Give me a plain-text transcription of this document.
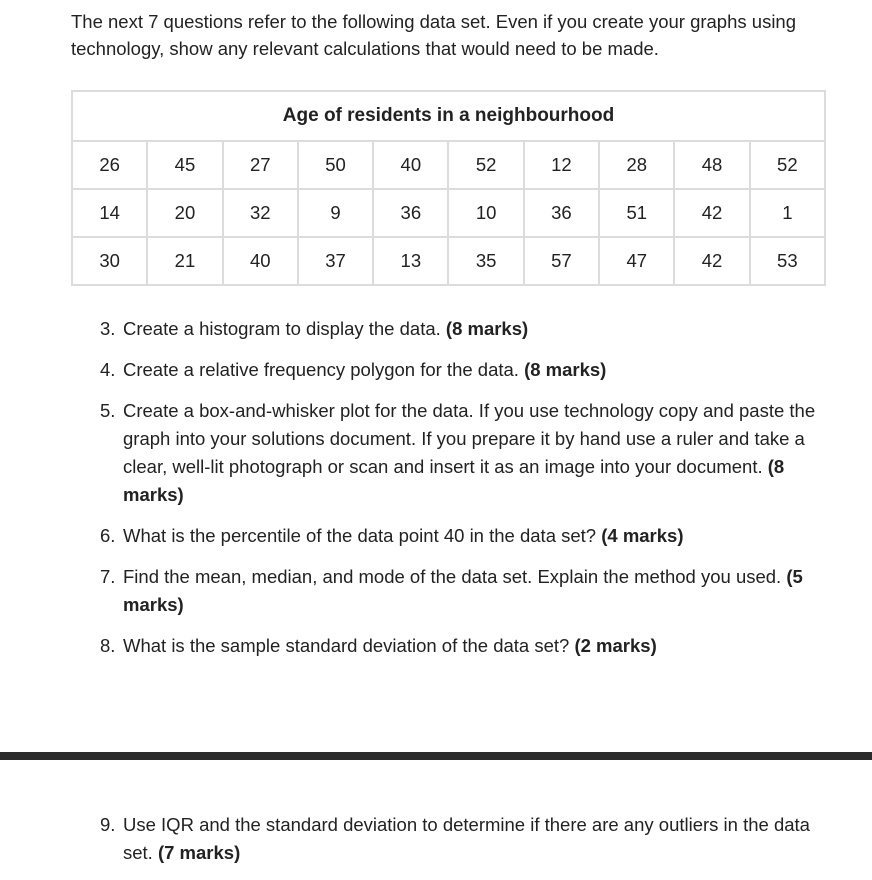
The next 7 questions refer to the following data set. Even if you create your graphs using technology, show any relevant calculations that would need to be made.

Age of residents in a neighbourhood									
26	45	27	50	40	52	12	28	48	52
14	20	32	9	36	10	36	51	42	1
30	21	40	37	13	35	57	47	42	53
3. Create a histogram to display the data. (8 marks)
4. Create a relative frequency polygon for the data. (8 marks)
5. Create a box-and-whisker plot for the data. If you use technology copy and paste the graph into your solutions document. If you prepare it by hand use a ruler and take a clear, well-lit photograph or scan and insert it as an image into your document. (8 marks)
6. What is the percentile of the data point 40 in the data set? (4 marks)
7. Find the mean, median, and mode of the data set. Explain the method you used. (5 marks)
8. What is the sample standard deviation of the data set? (2 marks)
9. Use IQR and the standard deviation to determine if there are any outliers in the data set. (7 marks)
